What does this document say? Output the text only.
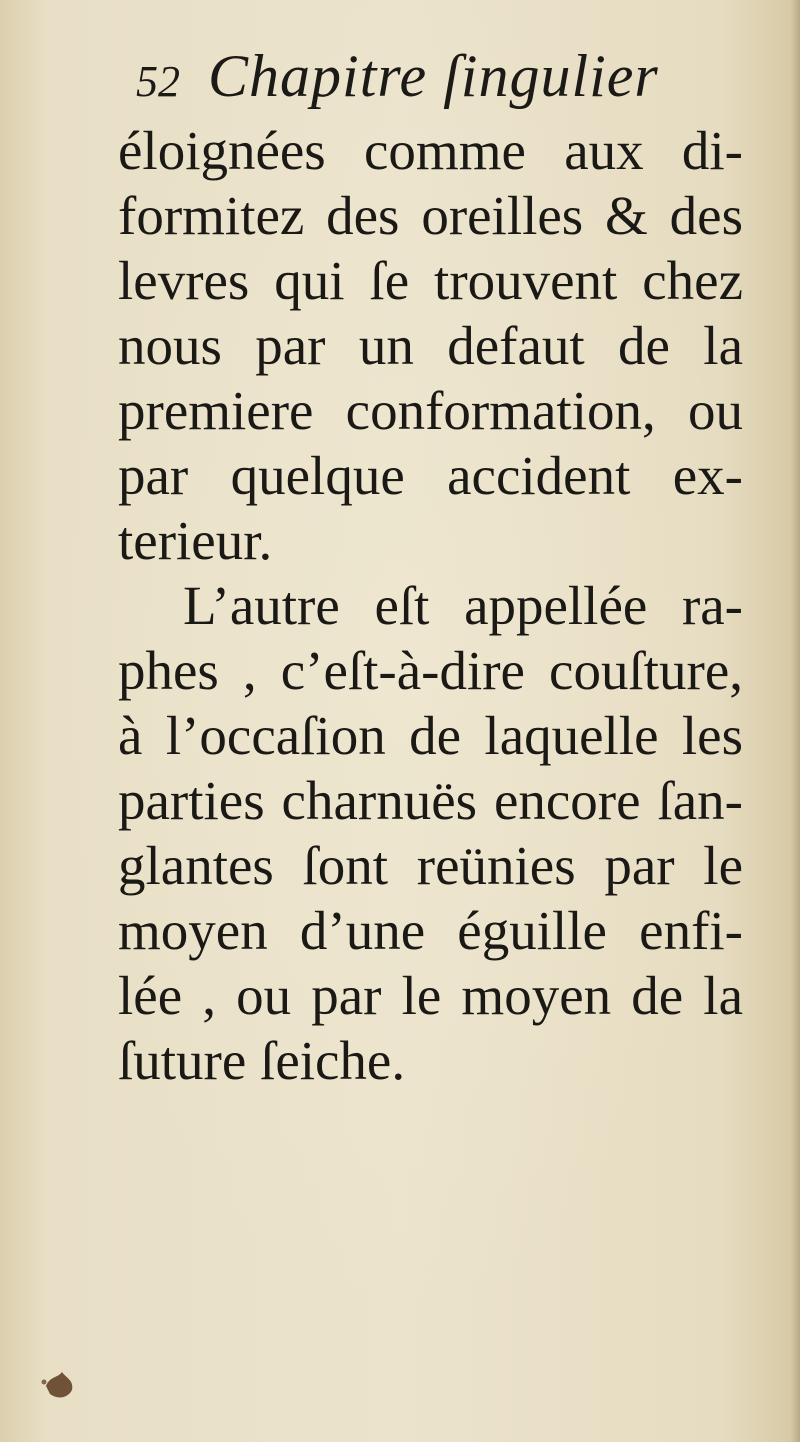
52 Chapitre ſingulier
éloignées comme aux di-
formitez des oreilles & des
levres qui ſe trouvent chez
nous par un defaut de la
premiere conformation, ou
par quelque accident ex-
terieur.
L’autre eſt appellée ra-
phes , c’eſt-à-dire couſture,
à l’occaſion de laquelle les
parties charnuës encore ſan-
glantes ſont reünies par le
moyen d’une éguille enfi-
lée , ou par le moyen de la
ſuture ſeiche.
